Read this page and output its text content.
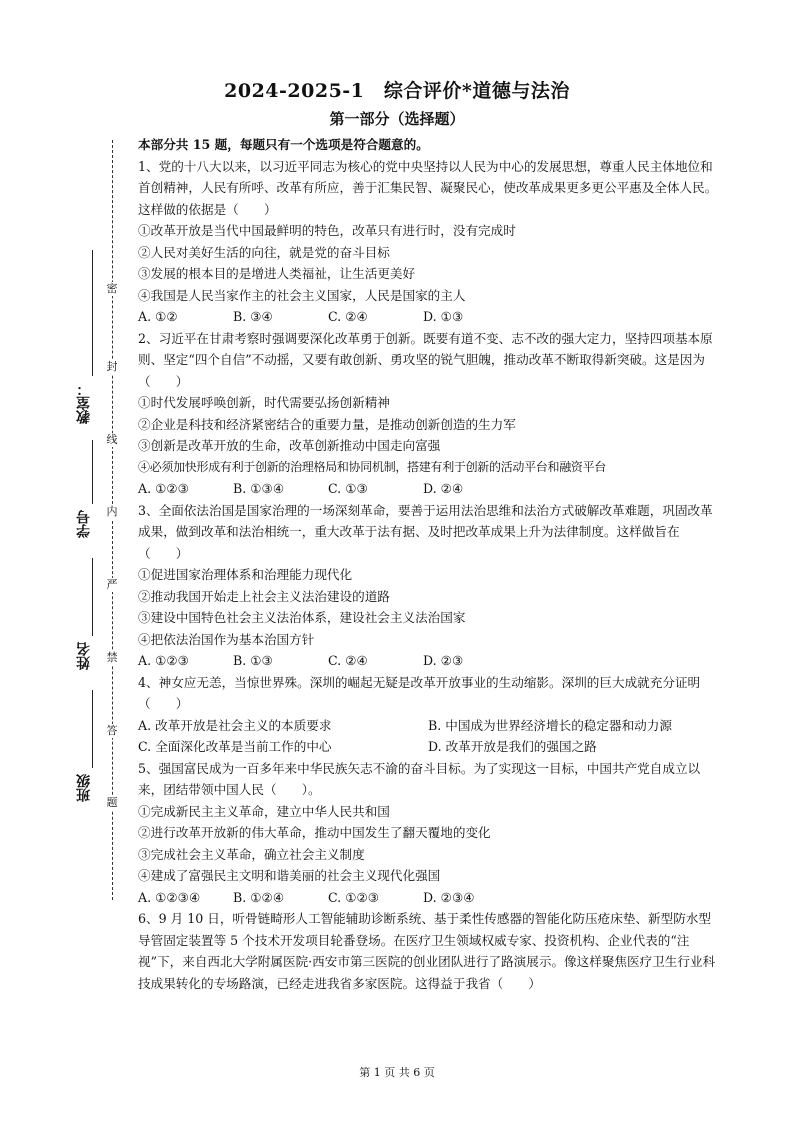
密
封
线
内
严
禁
答
题
班级
姓名
学号
教室：
2024-2025-1　综合评价*道德与法治
第一部分（选择题）

本部分共 15 题，每题只有一个选项是符合题意的。

1、党的十八大以来，以习近平同志为核心的党中央坚持以人民为中心的发展思想，尊重人民主体地位和首创精神，人民有所呼、改革有所应，善于汇集民智、凝聚民心，使改革成果更多更公平惠及全体人民。这样做的依据是（　　）

①改革开放是当代中国最鲜明的特色，改革只有进行时，没有完成时

②人民对美好生活的向往，就是党的奋斗目标

③发展的根本目的是增进人类福祉，让生活更美好

④我国是人民当家作主的社会主义国家，人民是国家的主人

A. ①②	B. ③④	C. ②④	D. ①③

2、习近平在甘肃考察时强调要深化改革勇于创新。既要有道不变、志不改的强大定力，坚持四项基本原则、坚定“四个自信”不动摇，又要有敢创新、勇攻坚的锐气胆魄，推动改革不断取得新突破。这是因为（　　）

①时代发展呼唤创新，时代需要弘扬创新精神

②企业是科技和经济紧密结合的重要力量，是推动创新创造的生力军

③创新是改革开放的生命，改革创新推动中国走向富强

④必须加快形成有利于创新的治理格局和协同机制，搭建有利于创新的活动平台和融资平台

A. ①②③	B. ①③④	C. ①③	D. ②④

3、全面依法治国是国家治理的一场深刻革命，要善于运用法治思维和法治方式破解改革难题，巩固改革成果，做到改革和法治相统一，重大改革于法有据、及时把改革成果上升为法律制度。这样做旨在（　　）

①促进国家治理体系和治理能力现代化

②推动我国开始走上社会主义法治建设的道路

③建设中国特色社会主义法治体系，建设社会主义法治国家

④把依法治国作为基本治国方针

A. ①②③	B. ①③	C. ②④	D. ②③

4、神女应无恙，当惊世界殊。深圳的崛起无疑是改革开放事业的生动缩影。深圳的巨大成就充分证明（　　）

A. 改革开放是社会主义的本质要求	B. 中国成为世界经济增长的稳定器和动力源
C. 全面深化改革是当前工作的中心	D. 改革开放是我们的强国之路

5、强国富民成为一百多年来中华民族矢志不渝的奋斗目标。为了实现这一目标，中国共产党自成立以来，团结带领中国人民（　　）。

①完成新民主主义革命，建立中华人民共和国

②进行改革开放新的伟大革命，推动中国发生了翻天覆地的变化

③完成社会主义革命，确立社会主义制度

④建成了富强民主文明和谐美丽的社会主义现代化强国

A. ①②③④	B. ①②④	C. ①②③	D. ②③④

6、9 月 10 日，听骨链畸形人工智能辅助诊断系统、基于柔性传感器的智能化防压疮床垫、新型防水型导管固定装置等 5 个技术开发项目轮番登场。在医疗卫生领域权威专家、投资机构、企业代表的“注视”下，来自西北大学附属医院·西安市第三医院的创业团队进行了路演展示。像这样聚焦医疗卫生行业科技成果转化的专场路演，已经走进我省多家医院。这得益于我省（　　）

第 1 页 共 6 页
